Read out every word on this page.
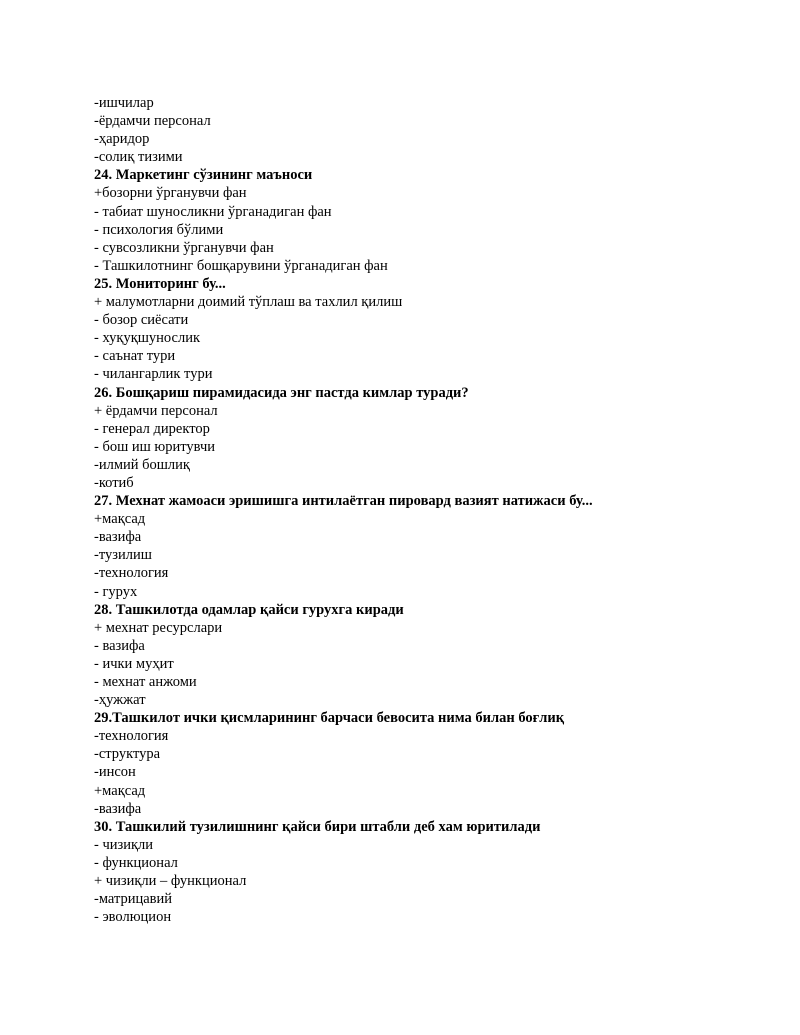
-ишчилар
-ёрдамчи персонал
-ҳаридор
-солиқ тизими
24. Маркетинг сўзининг маъноси
+бозорни ўрганувчи фан
- табиат шуносликни ўрганадиган фан
- психология бўлими
- сувсозликни ўрганувчи фан
- Ташкилотнинг бошқарувини ўрганадиган фан
25. Мониторинг бу...
+ малумотларни доимий тўплаш ва тахлил қилиш
- бозор сиёсати
- хуқуқшунослик
- саънат тури
- чилангарлик тури
26. Бошқариш пирамидасида энг пастда кимлар туради?
+ ёрдамчи персонал
- генерал директор
- бош иш юритувчи
-илмий бошлиқ
-котиб
27. Мехнат жамоаси эришишга интилаётган пировард вазият натижаси бу...
+мақсад
-вазифа
-тузилиш
-технология
- гурух
28. Ташкилотда одамлар қайси гурухга киради
+ мехнат ресурслари
- вазифа
- ички муҳит
- мехнат анжоми
-ҳужжат
29.Ташкилот ички қисмларининг барчаси бевосита нима билан боғлиқ
-технология
-структура
-инсон
+мақсад
-вазифа
30. Ташкилий тузилишнинг қайси бири штабли деб хам юритилади
- чизиқли
- функционал
+ чизиқли – функционал
-матрицавий
- эволюцион
